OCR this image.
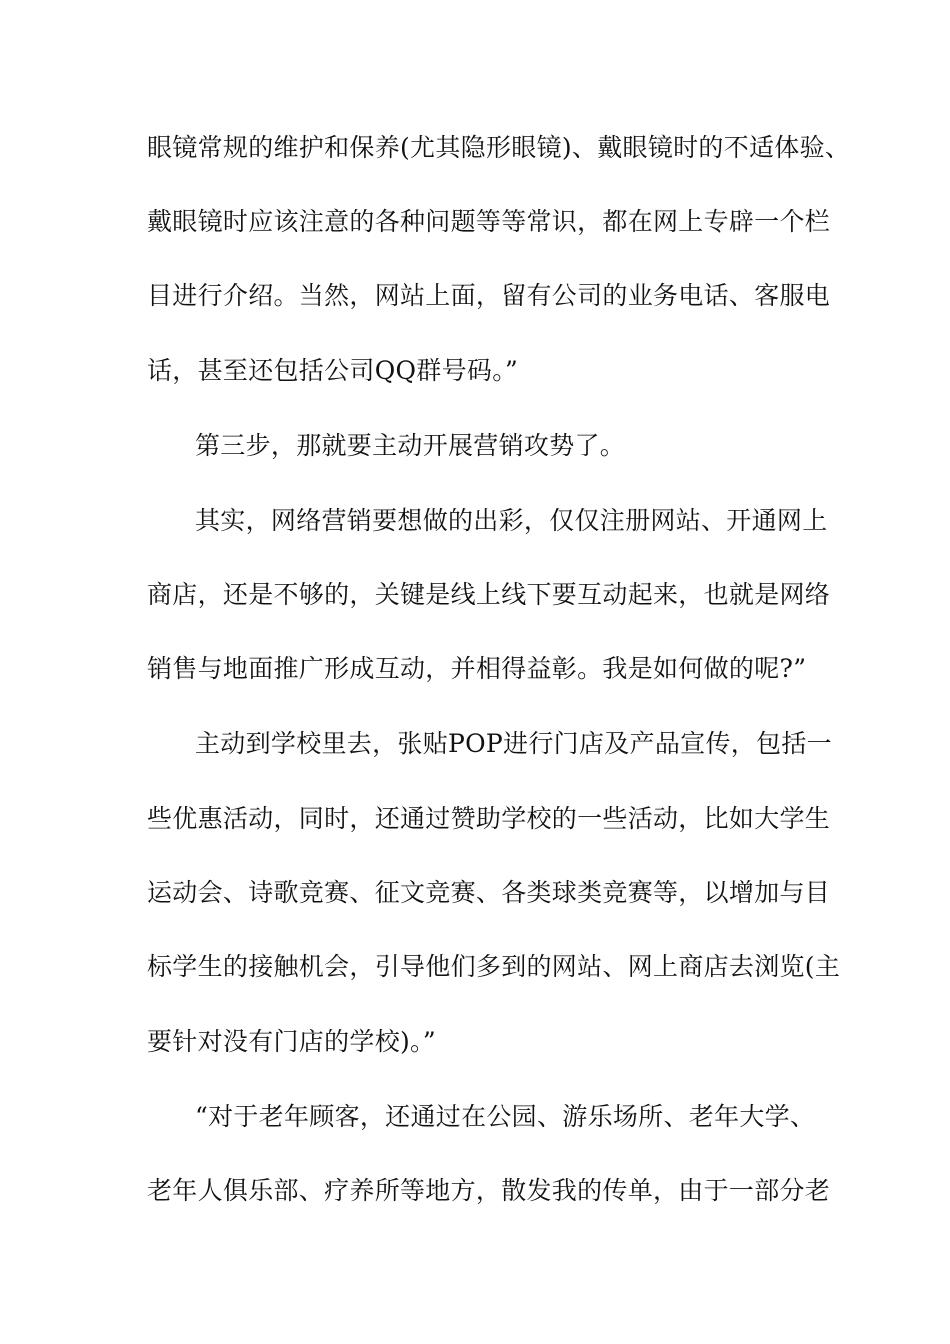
眼镜常规的维护和保养(尤其隐形眼镜)、戴眼镜时的不适体验、
戴眼镜时应该注意的各种问题等等常识，都在网上专辟一个栏
目进行介绍。当然，网站上面，留有公司的业务电话、客服电
话，甚至还包括公司QQ群号码。”
第三步，那就要主动开展营销攻势了。
其实，网络营销要想做的出彩，仅仅注册网站、开通网上
商店，还是不够的，关键是线上线下要互动起来，也就是网络
销售与地面推广形成互动，并相得益彰。我是如何做的呢?”
主动到学校里去，张贴POP进行门店及产品宣传，包括一
些优惠活动，同时，还通过赞助学校的一些活动，比如大学生
运动会、诗歌竞赛、征文竞赛、各类球类竞赛等，以增加与目
标学生的接触机会，引导他们多到的网站、网上商店去浏览(主
要针对没有门店的学校)。”
“对于老年顾客，还通过在公园、游乐场所、老年大学、
老年人俱乐部、疗养所等地方，散发我的传单，由于一部分老
